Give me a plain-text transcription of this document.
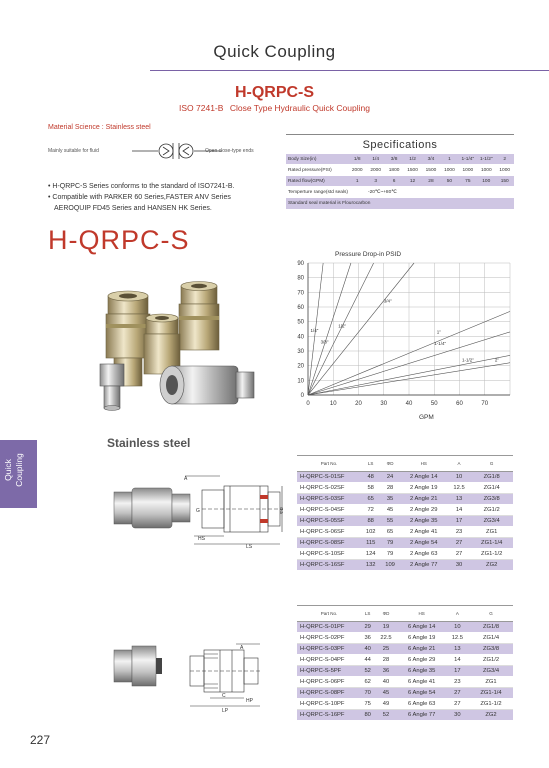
Quick Coupling
H-QRPC-S
ISO 7241-B Close Type Hydraulic Quick Coupling
Material Science : Stainless steel
Mainly suitable for fluid	Open close-type ends
• H-QRPC-S Series conforms to the standard of ISO7241-B.
• Compatible with PARKER 60 Series,FASTER ANV Series
AEROQUIP FD45 Series and HANSEN HK Series.
H-QRPC-S
Specifications
Body Size(in)	1/8	1/4	3/8	1/2	3/4	1	1-1/4"	1-1/2"	2
Rated pressure(PSI)	2000	2000	1800	1500	1500	1000	1000	1000	1000
Rated flow(GPM)	1	3	6	12	28	50	75	100	150
Temperture range(std seals)	-20℃~+80℃
Standard seal material is Flourocarbon
Pressure Drop-in PSID
0
10
20
30
40
50
60
70
80
90
0	10	20	30	40	50	60	70
1/4"
1/2"
3/8"
3/4"
1"
1-1/4"
1-1/2"	2"
GPM
Stainless steel
Quick Coupling	A
HS
LS
ΦD
G
Part No.	LS	ΦD	HS	A	G
H-QRPC-S-01SF	48	24	2 Angle 14	10	ZG1/8
H-QRPC-S-02SF	58	28	2 Angle 19	12.5	ZG1/4
H-QRPC-S-03SF	65	35	2 Angle 21	13	ZG3/8
H-QRPC-S-04SF	72	45	2 Angle 29	14	ZG1/2
H-QRPC-S-05SF	88	55	2 Angle 35	17	ZG3/4
H-QRPC-S-06SF	102	65	2 Angle 41	23	ZG1
H-QRPC-S-08SF	115	79	2 Angle 54	27	ZG1-1/4
H-QRPC-S-10SF	124	79	2 Angle 63	27	ZG1-1/2
H-QRPC-S-16SF	132	109	2 Angle 77	30	ZG2
A
C
HP
LP
Part No.	LS	ΦD	HS	A	G
H-QRPC-S-01PF	29	19	6 Angle 14	10	ZG1/8
H-QRPC-S-02PF	36	22.5	6 Angle 19	12.5	ZG1/4
H-QRPC-S-03PF	40	25	6 Angle 21	13	ZG3/8
H-QRPC-S-04PF	44	28	6 Angle 29	14	ZG1/2
H-QRPC-S-5PF	52	36	6 Angle 35	17	ZG3/4
H-QRPC-S-06PF	62	40	6 Angle 41	23	ZG1
H-QRPC-S-08PF	70	45	6 Angle 54	27	ZG1-1/4
H-QRPC-S-10PF	75	49	6 Angle 63	27	ZG1-1/2
H-QRPC-S-16PF	80	52	6 Angle 77	30	ZG2
227
